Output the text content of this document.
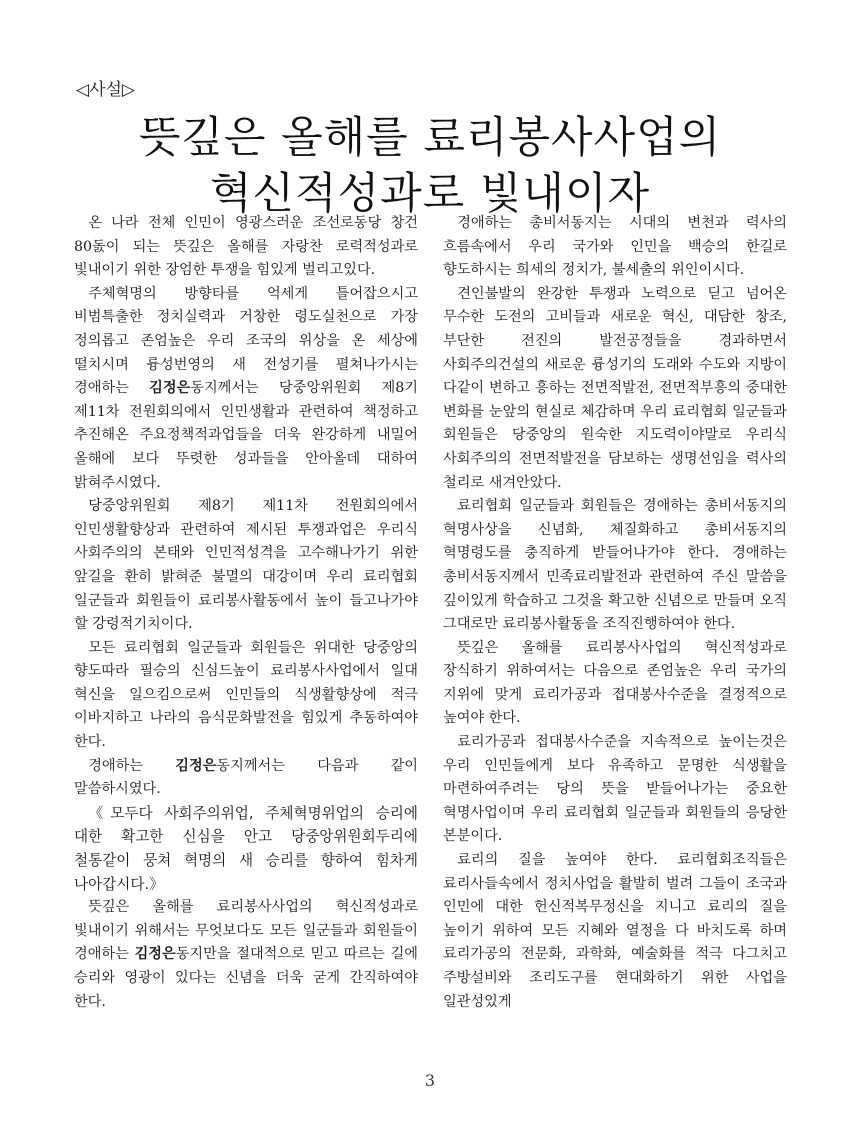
◁사설▷
뜻깊은 올해를 료리봉사사업의
혁신적성과로 빛내이자

온 나라 전체 인민이 영광스러운 조선로동당 창건 80돐이 되는 뜻깊은 올해를 자랑찬 로력적성과로 빛내이기 위한 장엄한 투쟁을 힘있게 벌리고있다.

주체혁명의 방향타를 억세게 틀어잡으시고 비범특출한 정치실력과 거창한 령도실천으로 가장 정의롭고 존엄높은 우리 조국의 위상을 온 세상에 떨치시며 륭성번영의 새 전성기를 펼쳐나가시는 경애하는 김정은동지께서는 당중앙위원회 제8기 제11차 전원회의에서 인민생활과 관련하여 책정하고 추진해온 주요정책적과업들을 더욱 완강하게 내밀어 올해에 보다 뚜렷한 성과들을 안아올데 대하여 밝혀주시였다.

당중앙위원회 제8기 제11차 전원회의에서 인민생활향상과 관련하여 제시된 투쟁과업은 우리식 사회주의의 본태와 인민적성격을 고수해나가기 위한 앞길을 환히 밝혀준 불멸의 대강이며 우리 료리협회 일군들과 회원들이 료리봉사활동에서 높이 들고나가야 할 강령적기치이다.

모든 료리협회 일군들과 회원들은 위대한 당중앙의 향도따라 필승의 신심드높이 료리봉사사업에서 일대 혁신을 일으킴으로써 인민들의 식생활향상에 적극 이바지하고 나라의 음식문화발전을 힘있게 추동하여야 한다.

경애하는 김정은동지께서는 다음과 같이 말씀하시였다.

《모두다 사회주의위업, 주체혁명위업의 승리에 대한 확고한 신심을 안고 당중앙위원회두리에 철통같이 뭉쳐 혁명의 새 승리를 향하여 힘차게 나아갑시다.》

뜻깊은 올해를 료리봉사사업의 혁신적성과로 빛내이기 위해서는 무엇보다도 모든 일군들과 회원들이 경애하는 김정은동지만을 절대적으로 믿고 따르는 길에 승리와 영광이 있다는 신념을 더욱 굳게 간직하여야 한다.

경애하는 총비서동지는 시대의 변천과 력사의 흐름속에서 우리 국가와 인민을 백승의 한길로 향도하시는 희세의 정치가, 불세출의 위인이시다.

견인불발의 완강한 투쟁과 노력으로 딛고 넘어온 무수한 도전의 고비들과 새로운 혁신, 대담한 창조, 부단한 전진의 발전공정들을 경과하면서 사회주의건설의 새로운 륭성기의 도래와 수도와 지방이 다같이 변하고 흥하는 전면적발전, 전면적부흥의 중대한 변화를 눈앞의 현실로 체감하며 우리 료리협회 일군들과 회원들은 당중앙의 원숙한 지도력이야말로 우리식 사회주의의 전면적발전을 담보하는 생명선임을 력사의 철리로 새겨안았다.

료리협회 일군들과 회원들은 경애하는 총비서동지의 혁명사상을 신념화, 체질화하고 총비서동지의 혁명령도를 충직하게 받들어나가야 한다. 경애하는 총비서동지께서 민족료리발전과 관련하여 주신 말씀을 깊이있게 학습하고 그것을 확고한 신념으로 만들며 오직 그대로만 료리봉사활동을 조직진행하여야 한다.

뜻깊은 올해를 료리봉사사업의 혁신적성과로 장식하기 위하여서는 다음으로 존엄높은 우리 국가의 지위에 맞게 료리가공과 접대봉사수준을 결정적으로 높여야 한다.

료리가공과 접대봉사수준을 지속적으로 높이는것은 우리 인민들에게 보다 유족하고 문명한 식생활을 마련하여주려는 당의 뜻을 받들어나가는 중요한 혁명사업이며 우리 료리협회 일군들과 회원들의 응당한 본분이다.

료리의 질을 높여야 한다. 료리협회조직들은 료리사들속에서 정치사업을 활발히 벌려 그들이 조국과 인민에 대한 헌신적복무정신을 지니고 료리의 질을 높이기 위하여 모든 지혜와 열정을 다 바치도록 하며 료리가공의 전문화, 과학화, 예술화를 적극 다그치고 주방설비와 조리도구를 현대화하기 위한 사업을 일관성있게

3
